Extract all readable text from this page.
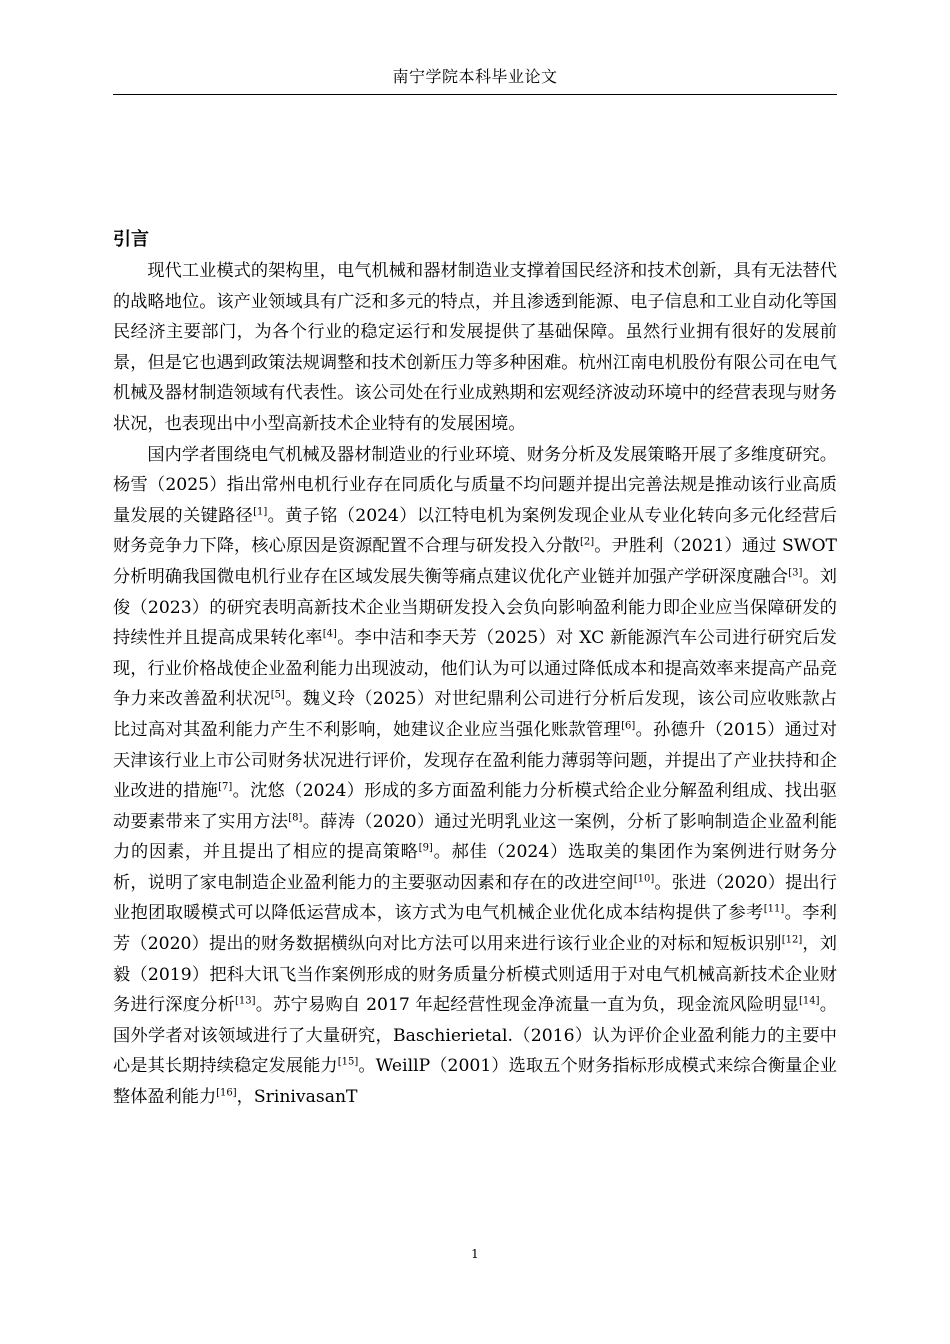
南宁学院本科毕业论文
引言

现代工业模式的架构里，电气机械和器材制造业支撑着国民经济和技术创新，具有无法替代的战略地位。该产业领域具有广泛和多元的特点，并且渗透到能源、电子信息和工业自动化等国民经济主要部门，为各个行业的稳定运行和发展提供了基础保障。虽然行业拥有很好的发展前景，但是它也遇到政策法规调整和技术创新压力等多种困难。杭州江南电机股份有限公司在电气机械及器材制造领域有代表性。该公司处在行业成熟期和宏观经济波动环境中的经营表现与财务状况，也表现出中小型高新技术企业特有的发展困境。

国内学者围绕电气机械及器材制造业的行业环境、财务分析及发展策略开展了多维度研究。杨雪（2025）指出常州电机行业存在同质化与质量不均问题并提出完善法规是推动该行业高质量发展的关键路径[1]。黄子铭（2024）以江特电机为案例发现企业从专业化转向多元化经营后财务竞争力下降，核心原因是资源配置不合理与研发投入分散[2]。尹胜利（2021）通过 SWOT 分析明确我国微电机行业存在区域发展失衡等痛点建议优化产业链并加强产学研深度融合[3]。刘俊（2023）的研究表明高新技术企业当期研发投入会负向影响盈利能力即企业应当保障研发的持续性并且提高成果转化率[4]。李中洁和李天芳（2025）对 XC 新能源汽车公司进行研究后发现，行业价格战使企业盈利能力出现波动，他们认为可以通过降低成本和提高效率来提高产品竞争力来改善盈利状况[5]。魏义玲（2025）对世纪鼎利公司进行分析后发现，该公司应收账款占比过高对其盈利能力产生不利影响，她建议企业应当强化账款管理[6]。孙德升（2015）通过对天津该行业上市公司财务状况进行评价，发现存在盈利能力薄弱等问题，并提出了产业扶持和企业改进的措施[7]。沈悠（2024）形成的多方面盈利能力分析模式给企业分解盈利组成、找出驱动要素带来了实用方法[8]。薛涛（2020）通过光明乳业这一案例，分析了影响制造企业盈利能力的因素，并且提出了相应的提高策略[9]。郝佳（2024）选取美的集团作为案例进行财务分析，说明了家电制造企业盈利能力的主要驱动因素和存在的改进空间[10]。张进（2020）提出行业抱团取暖模式可以降低运营成本，该方式为电气机械企业优化成本结构提供了参考[11]。李利芳（2020）提出的财务数据横纵向对比方法可以用来进行该行业企业的对标和短板识别[12]，刘毅（2019）把科大讯飞当作案例形成的财务质量分析模式则适用于对电气机械高新技术企业财务进行深度分析[13]。苏宁易购自 2017 年起经营性现金净流量一直为负，现金流风险明显[14]。国外学者对该领域进行了大量研究，Baschierietal.（2016）认为评价企业盈利能力的主要中心是其长期持续稳定发展能力[15]。WeillP（2001）选取五个财务指标形成模式来综合衡量企业整体盈利能力[16]，SrinivasanT

1
